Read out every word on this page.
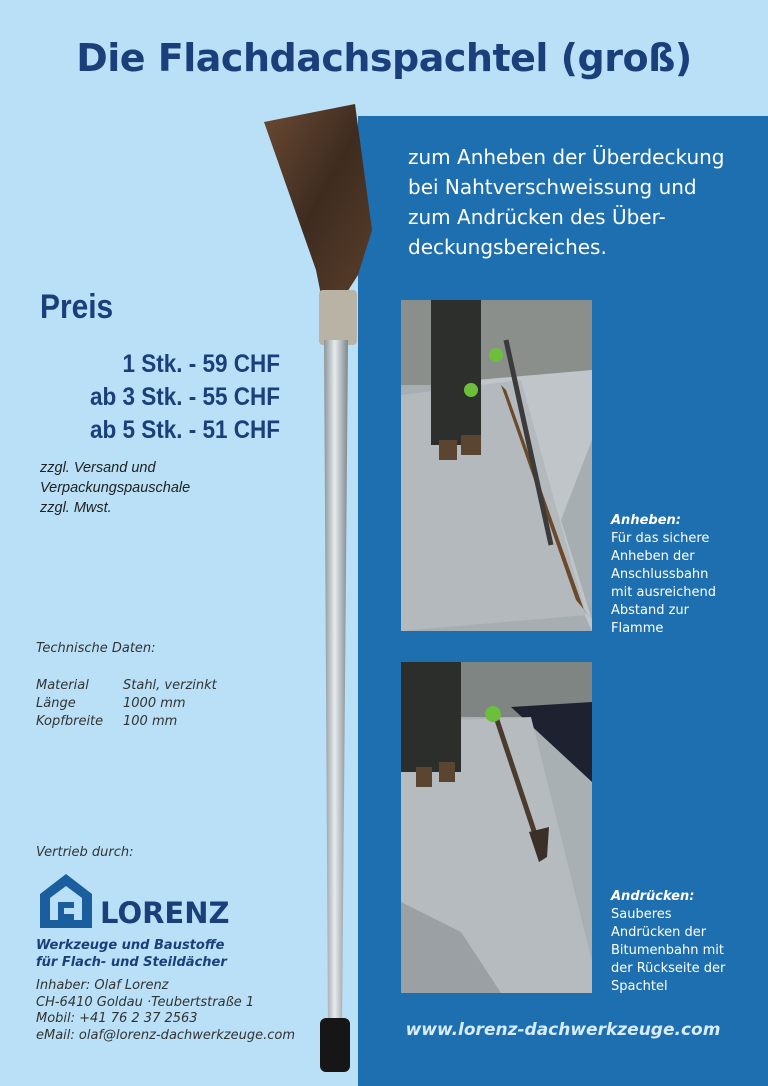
Die Flachdachspachtel (groß)

zum Anheben der Überdeckung
bei Nahtverschweissung und
zum Andrücken des Über-
deckungsbereiches.

Preis
1 Stk. - 59 CHF
ab 3 Stk. - 55 CHF
ab 5 Stk. - 51 CHF

zzgl. Versand und
Verpackungspauschale
zzgl. Mwst.

Technische Daten:

Material	Stahl, verzinkt
Länge	1000 mm
Kopfbreite	100 mm

Vertrieb durch:

LORENZ

Werkzeuge und Baustoffe
für Flach- und Steildächer

Inhaber: Olaf Lorenz
CH-6410 Goldau ·Teubertstraße 1
Mobil: +41 76 2 37 2563
eMail: olaf@lorenz-dachwerkzeuge.com
Anheben:
Für das sichere
Anheben der
Anschlussbahn
mit ausreichend
Abstand zur
Flamme
Andrücken:
Sauberes
Andrücken der
Bitumenbahn mit
der Rückseite der
Spachtel

www.lorenz-dachwerkzeuge.com
